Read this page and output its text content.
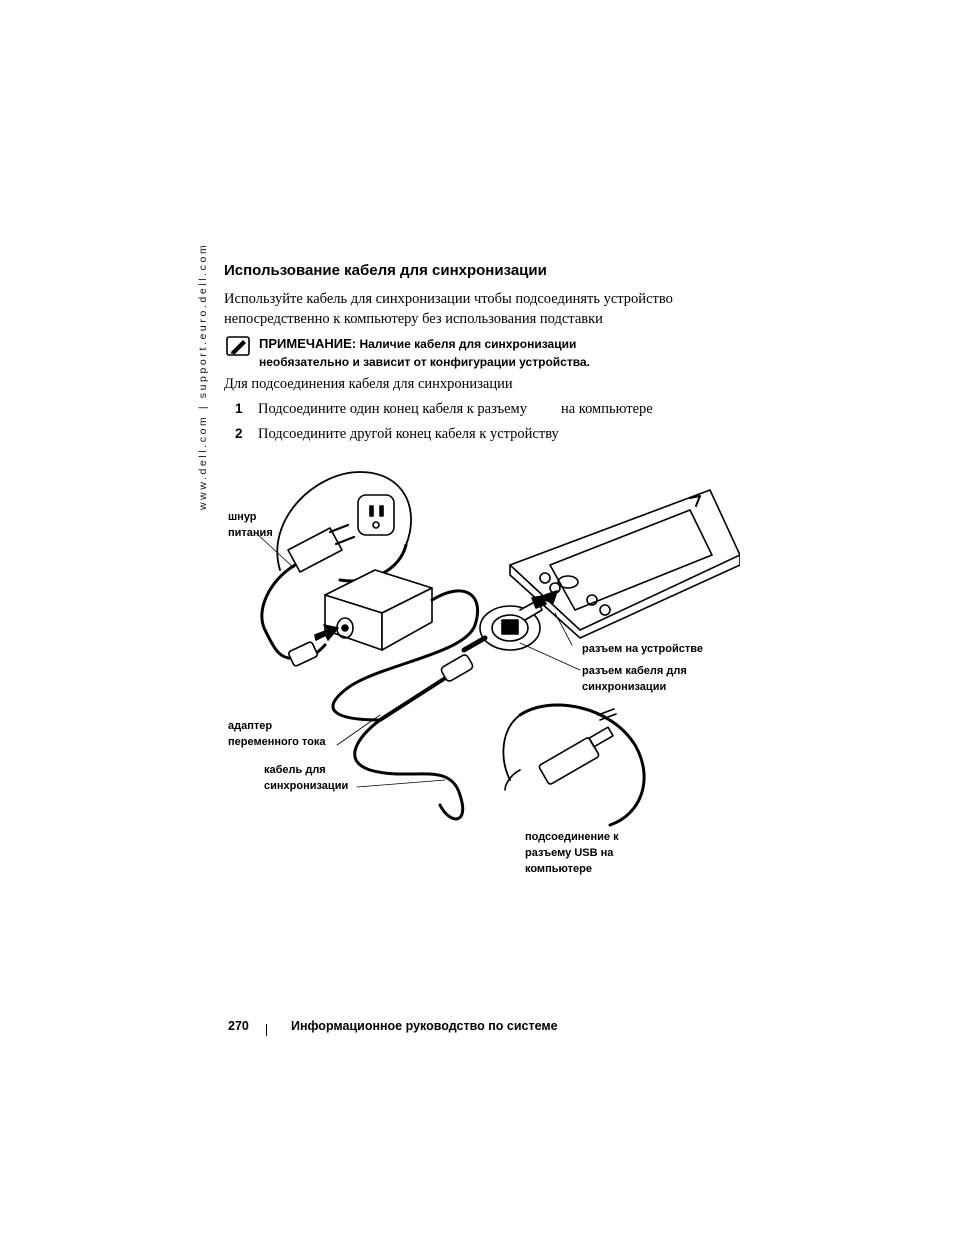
www.dell.com | support.euro.dell.com	Использование кабеля для синхронизации
Используйте кабель для синхронизации чтобы подсоединять устройство
непосредственно к компьютеру без использования подставки
ПРИМЕЧАНИЕ: Наличие кабеля для синхронизации
необязательно и зависит от конфигурации устройства.
Для подсоединения кабеля для синхронизации
1 Подсоедините один конец кабеля к разъему на компьютере
2 Подсоедините другой конец кабеля к устройству
шнур
питания
разъем на устройстве
разъем кабеля для
синхронизации
адаптер
переменного тока
кабель для
синхронизации
подсоединение к
разъему USB на
компьютере
270	Информационное руководство по системе
